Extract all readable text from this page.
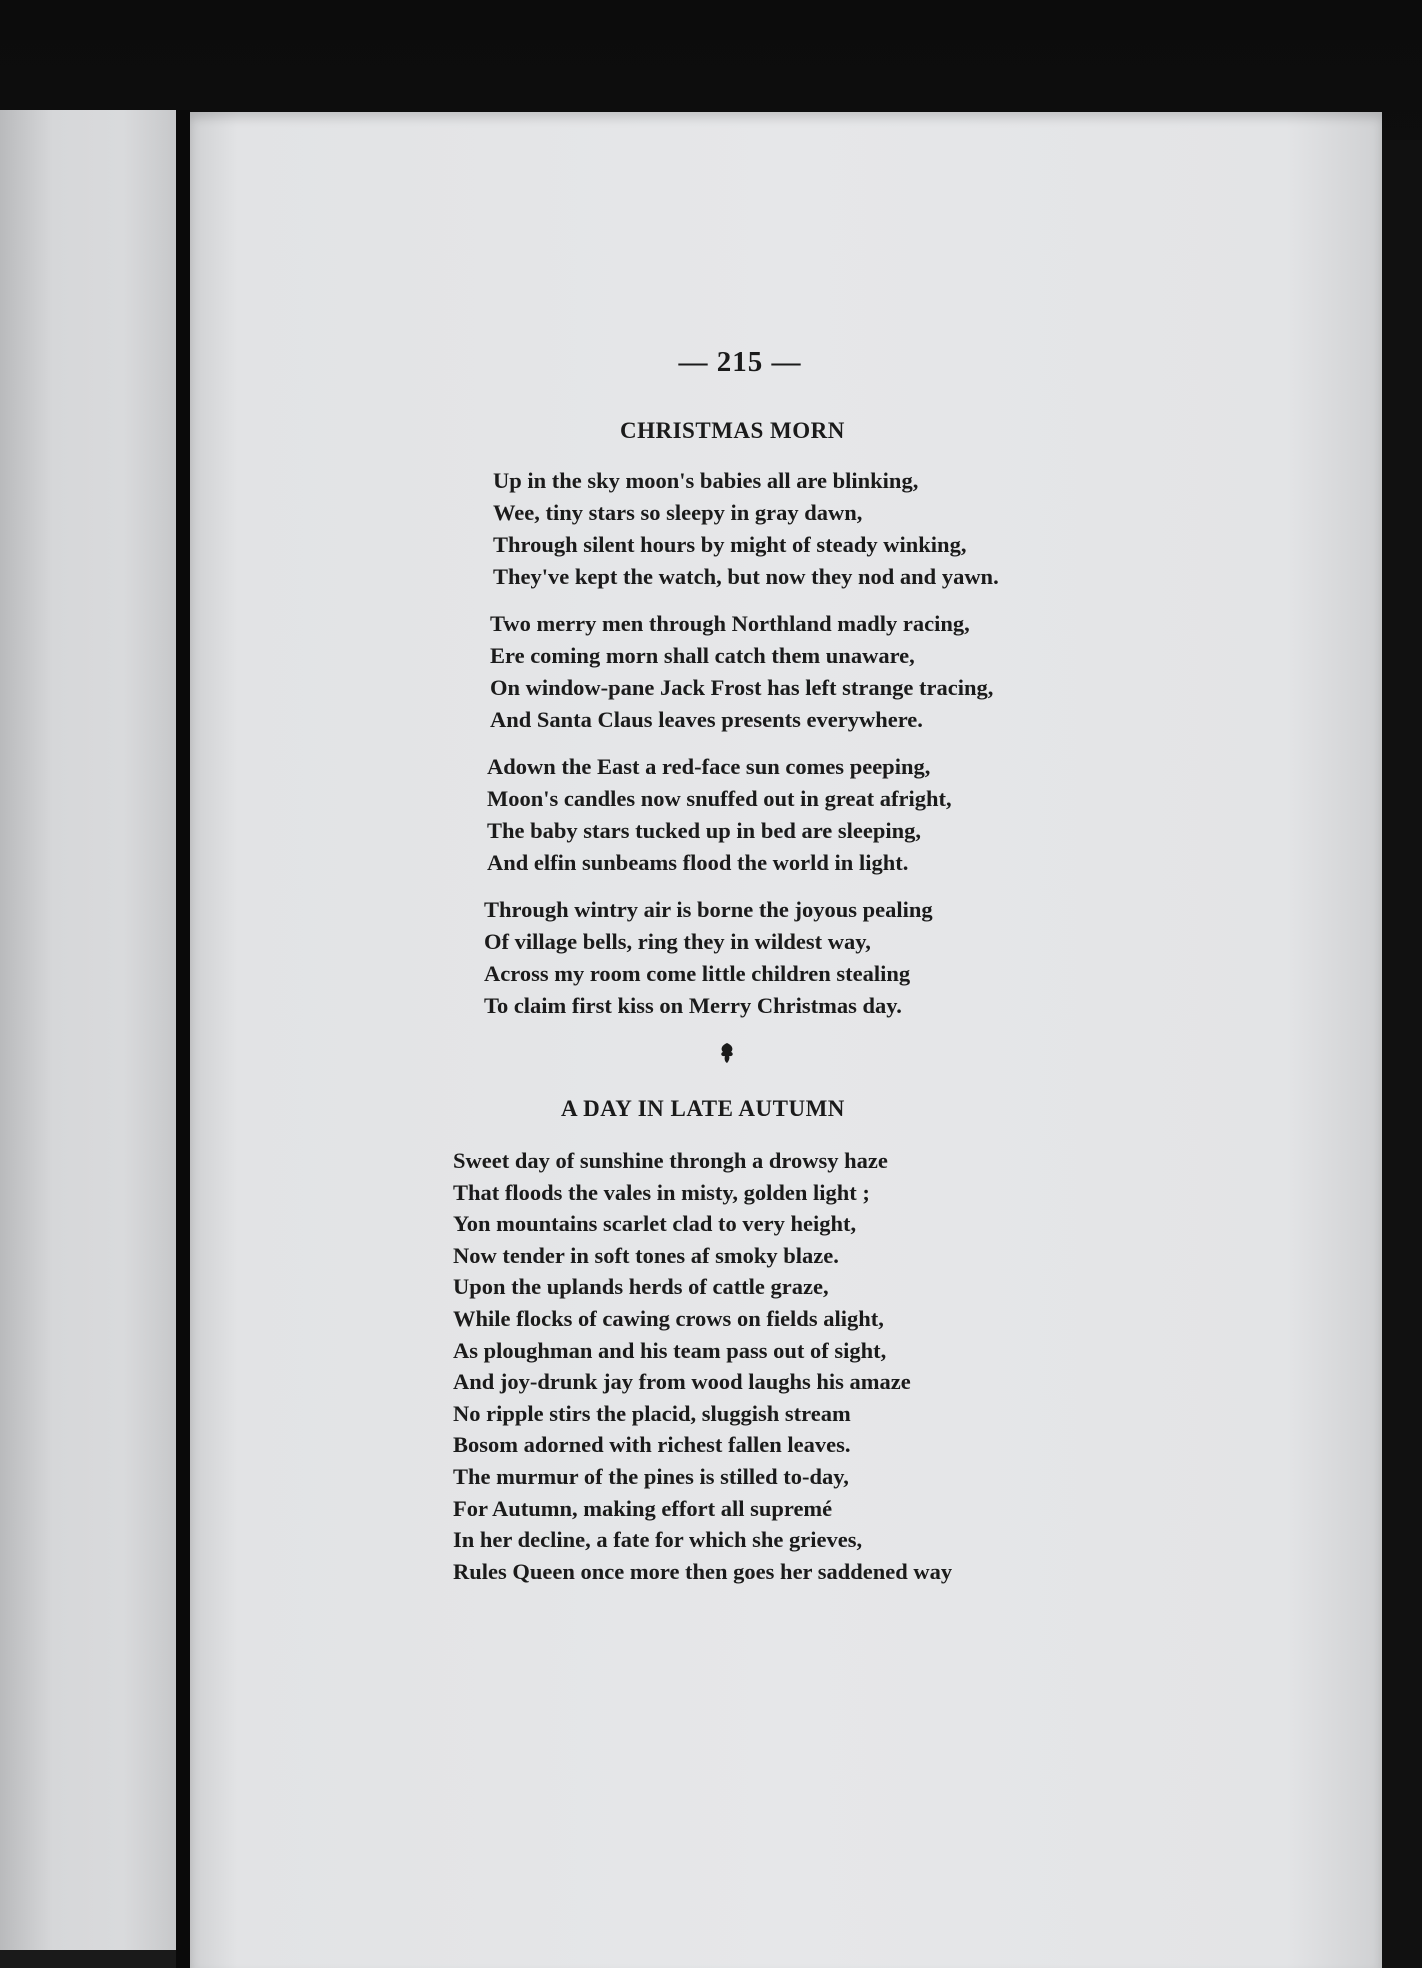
— 215 —
CHRISTMAS MORN
Up in the sky moon's babies all are blinking,
Wee, tiny stars so sleepy in gray dawn,
Through silent hours by might of steady winking,
They've kept the watch, but now they nod and yawn.
Two merry men through Northland madly racing,
Ere coming morn shall catch them unaware,
On window-pane Jack Frost has left strange tracing,
And Santa Claus leaves presents everywhere.
Adown the East a red-face sun comes peeping,
Moon's candles now snuffed out in great afright,
The baby stars tucked up in bed are sleeping,
And elfin sunbeams flood the world in light.
Through wintry air is borne the joyous pealing
Of village bells, ring they in wildest way,
Across my room come little children stealing
To claim first kiss on Merry Christmas day.
A DAY IN LATE AUTUMN
Sweet day of sunshine throngh a drowsy haze
That floods the vales in misty, golden light ;
Yon mountains scarlet clad to very height,
Now tender in soft tones af smoky blaze.
Upon the uplands herds of cattle graze,
While flocks of cawing crows on fields alight,
As ploughman and his team pass out of sight,
And joy-drunk jay from wood laughs his amaze
No ripple stirs the placid, sluggish stream
Bosom adorned with richest fallen leaves.
The murmur of the pines is stilled to-day,
For Autumn, making effort all supremé
In her decline, a fate for which she grieves,
Rules Queen once more then goes her saddened way
